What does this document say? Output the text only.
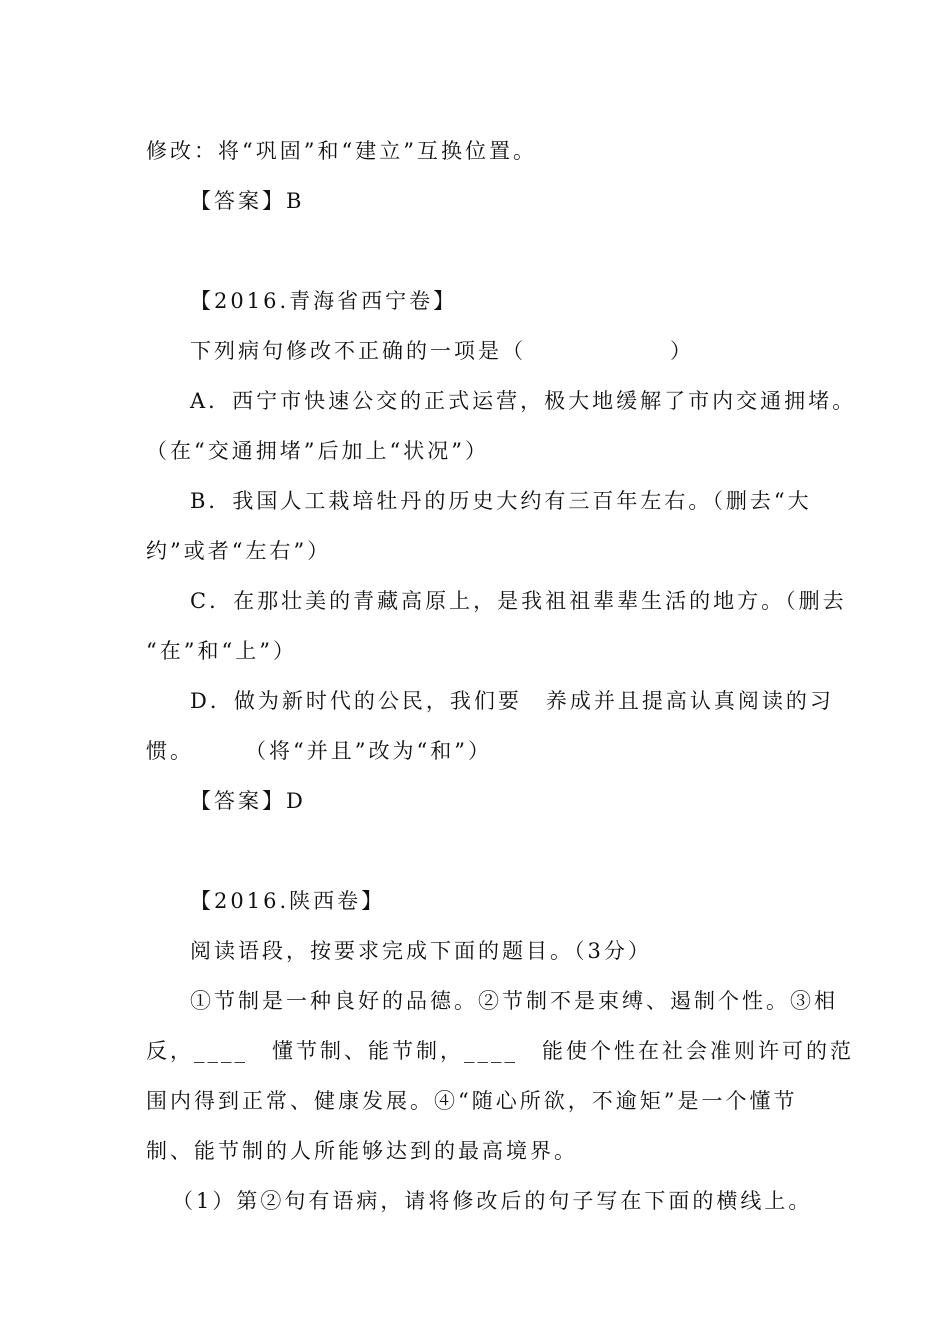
修改：将“巩固”和“建立”互换位置。
【答案】B
【2016.青海省西宁卷】
下列病句修改不正确的一项是（　　　　　　）
A．西宁市快速公交的正式运营，极大地缓解了市内交通拥堵。
（在“交通拥堵”后加上“状况”）
B．我国人工栽培牡丹的历史大约有三百年左右。（删去“大
约”或者“左右”）
C．在那壮美的青藏高原上，是我祖祖辈辈生活的地方。（删去
“在”和“上”）
D．做为新时代的公民，我们要　养成并且提高认真阅读的习
惯。　　　（将“并且”改为“和”）
【答案】D
【2016.陕西卷】
阅读语段，按要求完成下面的题目。（3分）
①节制是一种良好的品德。②节制不是束缚、遏制个性。③相
反，____　懂节制、能节制，____　能使个性在社会准则许可的范
围内得到正常、健康发展。④“随心所欲，不逾矩”是一个懂节
制、能节制的人所能够达到的最高境界。
（1）第②句有语病，请将修改后的句子写在下面的横线上。
